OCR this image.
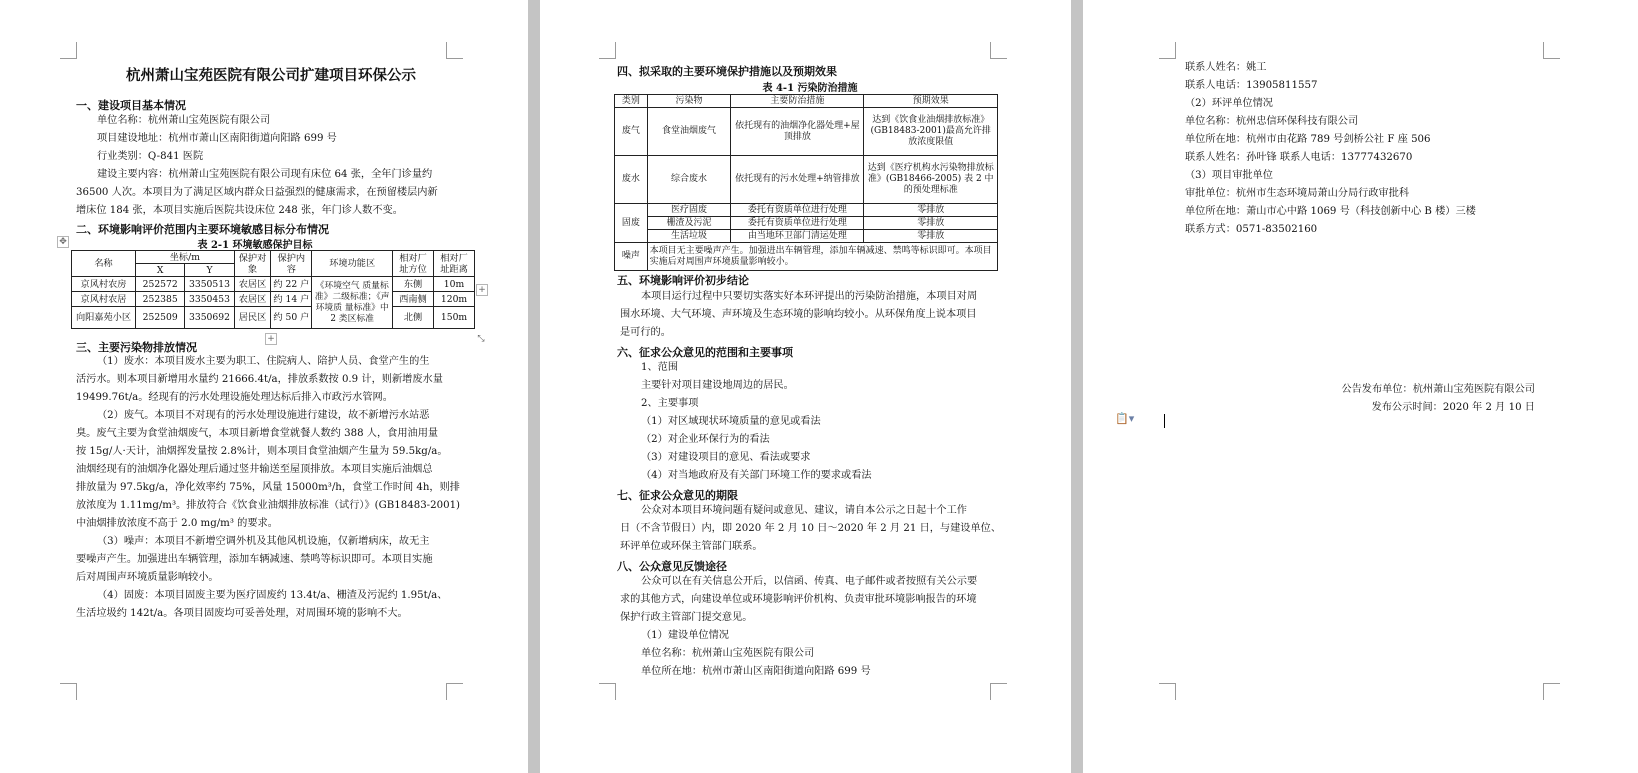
杭州萧山宝苑医院有限公司扩建项目环保公示
一、建设项目基本情况
单位名称：杭州萧山宝苑医院有限公司
项目建设地址：杭州市萧山区南阳街道向阳路 699 号
行业类别：Q-841 医院
建设主要内容：杭州萧山宝苑医院有限公司现有床位 64 张，全年门诊量约
36500 人次。本项目为了满足区域内群众日益强烈的健康需求，在预留楼层内新
增床位 184 张，本项目实施后医院共设床位 248 张，年门诊人数不变。
二、环境影响评价范围内主要环境敏感目标分布情况
✥	表 2-1 环境敏感保护目标
名称	坐标/m		保护对象	保护内容	环境功能区	相对厂址方位	相对厂址距离
	X	Y					
京风村农房	252572	3350513	农居区	约 22 户	《环境空气 质量标准》二级标准；《声环境质 量标准》中 2 类区标准	东侧	10m
京风村农居	252385	3350453	农居区	约 14 户		西南侧	120m
向阳嘉苑小区	252509	3350692	居民区	约 50 户		北侧	150m
+
+	⤡
三、主要污染物排放情况
（1）废水：本项目废水主要为职工、住院病人、陪护人员、食堂产生的生
活污水。则本项目新增用水量约 21666.4t/a，排放系数按 0.9 计，则新增废水量
19499.76t/a。经现有的污水处理设施处理达标后排入市政污水管网。
（2）废气。本项目不对现有的污水处理设施进行建设，故不新增污水站恶
臭。废气主要为食堂油烟废气，本项目新增食堂就餐人数约 388 人，食用油用量
按 15g/人·天计，油烟挥发量按 2.8%计，则本项目食堂油烟产生量为 59.5kg/a。
油烟经现有的油烟净化器处理后通过竖井输送至屋顶排放。本项目实施后油烟总
排放量为 97.5kg/a，净化效率约 75%，风量 15000m³/h，食堂工作时间 4h，则排
放浓度为 1.11mg/m³。排放符合《饮食业油烟排放标准（试行）》(GB18483-2001)
中油烟排放浓度不高于 2.0 mg/m³ 的要求。
（3）噪声：本项目不新增空调外机及其他风机设施，仅新增病床，故无主
要噪声产生。加强进出车辆管理，添加车辆减速、禁鸣等标识即可。本项目实施
后对周围声环境质量影响较小。
（4）固废：本项目固废主要为医疗固废约 13.4t/a、栅渣及污泥约 1.95t/a、
生活垃圾约 142t/a。各项目固废均可妥善处理，对周围环境的影响不大。
四、拟采取的主要环境保护措施以及预期效果
表 4-1 污染防治措施
类别	污染物	主要防治措施	预期效果
废气	食堂油烟废气	依托现有的油烟净化器处理+屋顶排放	达到《饮食业油烟排放标准》(GB18483-2001)最高允许排放浓度限值
废水	综合废水	依托现有的污水处理+纳管排放	达到《医疗机构水污染物排放标准》(GB18466-2005) 表 2 中的预处理标准
固废	医疗固废	委托有资质单位进行处理	零排放
	栅渣及污泥	委托有资质单位进行处理	零排放
	生活垃圾	由当地环卫部门清运处理	零排放
噪声	本项目无主要噪声产生。加强进出车辆管理，添加车辆减速、禁鸣等标识即可。本项目实施后对周围声环境质量影响较小。		
五、环境影响评价初步结论
本项目运行过程中只要切实落实好本环评提出的污染防治措施，本项目对周
围水环境、大气环境、声环境及生态环境的影响均较小。从环保角度上说本项目
是可行的。
六、征求公众意见的范围和主要事项
1、范围
主要针对项目建设地周边的居民。
2、主要事项
（1）对区域现状环境质量的意见或看法
（2）对企业环保行为的看法
（3）对建设项目的意见、看法或要求
（4）对当地政府及有关部门环境工作的要求或看法
七、征求公众意见的期限
公众对本项目环境问题有疑问或意见、建议，请自本公示之日起十个工作
日（不含节假日）内，即 2020 年 2 月 10 日～2020 年 2 月 21 日，与建设单位、
环评单位或环保主管部门联系。
八、公众意见反馈途径
公众可以在有关信息公开后，以信函、传真、电子邮件或者按照有关公示要
求的其他方式，向建设单位或环境影响评价机构、负责审批环境影响报告的环境
保护行政主管部门提交意见。
（1）建设单位情况
单位名称：杭州萧山宝苑医院有限公司
单位所在地：杭州市萧山区南阳街道向阳路 699 号
联系人姓名：姚工
联系人电话：13905811557
（2）环评单位情况
单位名称：杭州忠信环保科技有限公司
单位所在地：杭州市由花路 789 号剑桥公社 F 座 506
联系人姓名：孙叶锋 联系人电话：13777432670
（3）项目审批单位
审批单位：杭州市生态环境局萧山分局行政审批科
单位所在地：萧山市心中路 1069 号（科技创新中心 B 楼）三楼
联系方式：0571-83502160
公告发布单位：杭州萧山宝苑医院有限公司
发布公示时间：2020 年 2 月 10 日
📋▾
